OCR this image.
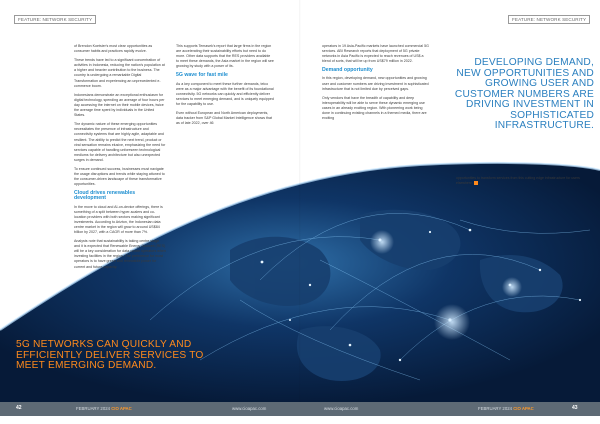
FEATURE: NETWORK SECURITY	FEATURE: NETWORK SECURITY

of Brendon Koetsier's most clear opportunities as consumer habits and practices rapidly evolve.

These trends have led to a significant concentration of activities in Indonesia, reducing the nation's population at a higher and heavier contribution to the business. The country is undergoing a remarkable Digital Transformation and experiencing an unprecedented e-commerce boom.

Indonesians demonstrate an exceptional enthusiasm for digital technology, spending an average of four hours per day accessing the internet on their mobile devices, twice the average time spent by individuals in the United States.

The dynamic nature of these emerging opportunities necessitates the presence of infrastructure and connectivity systems that are highly agile, adaptable and resilient. The ability to predict the next trend, product or viral sensation remains elusive, emphasizing the need for services capable of handling unforeseen technological mediums for delivery architecture but also unexpected surges in demand.

To ensure continued success, businesses must navigate the usage disruptions and trends while staying attuned to the consumer-driven landscape of these transformative opportunities.

Cloud drives renewables development

In the move to cloud and AI-on-device offerings, there is something of a split between hyper-scalers and co-location providers with both sectors making significant investments. According to Arizton, the Indonesian data centre market in the region will grow to around US$84 billion by 2027, with a CAGR of more than 7%.

Analysts note that sustainability is taking centre stage and it is expected that Renewable Energy Sources (RES) will be a key consideration for data centre operators when investing facilities in the region. The preference for most operators is to have green and renewable power for current and future capacity.

This supports Temasek's report that large firms in the region are accelerating their sustainability efforts but need to do more. Other data supports that the RES providers available to meet these demands, the Asia market in the region will see growing by study with a power of its.

5G wave for fast mile

As a key component to meet these further demands, telco were as a major advantage with the benefit of its foundational connectivity. 5G networks can quickly and efficiently deliver services to meet emerging demand, and is uniquely equipped for the capability to use.

Even without European and North American deployments, data tracker from S&P Global Market Intelligence shows that as of late 2022, over 46

operators in 19 Asia-Pacific markets have launched commercial 5G services. ABI Research reports that deployment of 5G private networks in Asia Pacific is expected to reach revenues of US$ a blend of sorts, that will be up from US$79 million in 2022.

Demand opportunity

In this region, developing demand, new opportunities and growing user and customer numbers are driving investment in sophisticated infrastructure that is not limited due by perceived gaps.

Only vendors that have the breadth of capability and deep interoperability will be able to serve these dynamic emerging use cases in an already exciting region. With pioneering work being done in continuing existing channels in a themed media, there are exciting

DEVELOPING DEMAND, NEW OPPORTUNITIES AND GROWING USER AND CUSTOMER NUMBERS ARE DRIVING INVESTMENT IN SOPHISTICATED INFRASTRUCTURE.
opportunities to transform services from this cutting edge infrastructure for users elsewhere.
5G NETWORKS CAN QUICKLY AND EFFICIENTLY DELIVER SERVICES TO MEET EMERGING DEMAND.
42	FEBRUARY 2024 CIO APAC	www.cioapac.com	www.cioapac.com	FEBRUARY 2024 CIO APAC	43
